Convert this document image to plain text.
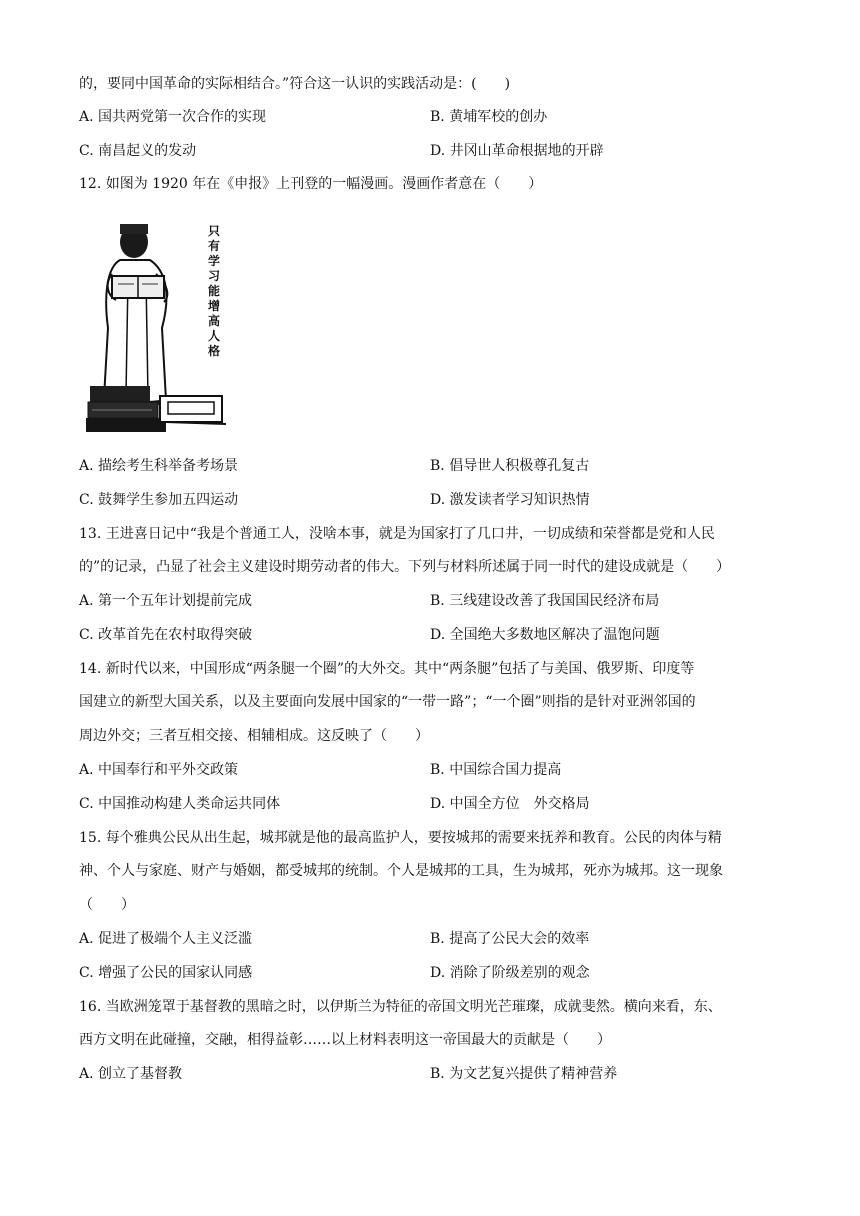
的，要同中国革命的实际相结合。”符合这一认识的实践活动是：(　　)
A. 国共两党第一次合作的实现	B. 黄埔军校的创办
C. 南昌起义的发动	D. 井冈山革命根据地的开辟
12. 如图为 1920 年在《申报》上刊登的一幅漫画。漫画作者意在（　　）
只
有
学
习
能
增
高
人
格
A. 描绘考生科举备考场景	B. 倡导世人积极尊孔复古
C. 鼓舞学生参加五四运动	D. 激发读者学习知识热情
13. 王进喜日记中“我是个普通工人，没啥本事，就是为国家打了几口井，一切成绩和荣誉都是党和人民
的”的记录，凸显了社会主义建设时期劳动者的伟大。下列与材料所述属于同一时代的建设成就是（　　）
A. 第一个五年计划提前完成	B. 三线建设改善了我国国民经济布局
C. 改革首先在农村取得突破	D. 全国绝大多数地区解决了温饱问题
14. 新时代以来，中国形成“两条腿一个圈”的大外交。其中“两条腿”包括了与美国、俄罗斯、印度等
国建立的新型大国关系，以及主要面向发展中国家的“一带一路”；“一个圈”则指的是针对亚洲邻国的
周边外交；三者互相交接、相辅相成。这反映了（　　）
A. 中国奉行和平外交政策	B. 中国综合国力提高
C. 中国推动构建人类命运共同体	D. 中国全方位　外交格局
15. 每个雅典公民从出生起，城邦就是他的最高监护人，要按城邦的需要来抚养和教育。公民的肉体与精
神、个人与家庭、财产与婚姻，都受城邦的统制。个人是城邦的工具，生为城邦，死亦为城邦。这一现象
（　　）
A. 促进了极端个人主义泛滥	B. 提高了公民大会的效率
C. 增强了公民的国家认同感	D. 消除了阶级差别的观念
16. 当欧洲笼罩于基督教的黑暗之时，以伊斯兰为特征的帝国文明光芒璀璨，成就斐然。横向来看，东、
西方文明在此碰撞，交融，相得益彰……以上材料表明这一帝国最大的贡献是（　　）
A. 创立了基督教	B. 为文艺复兴提供了精神营养
